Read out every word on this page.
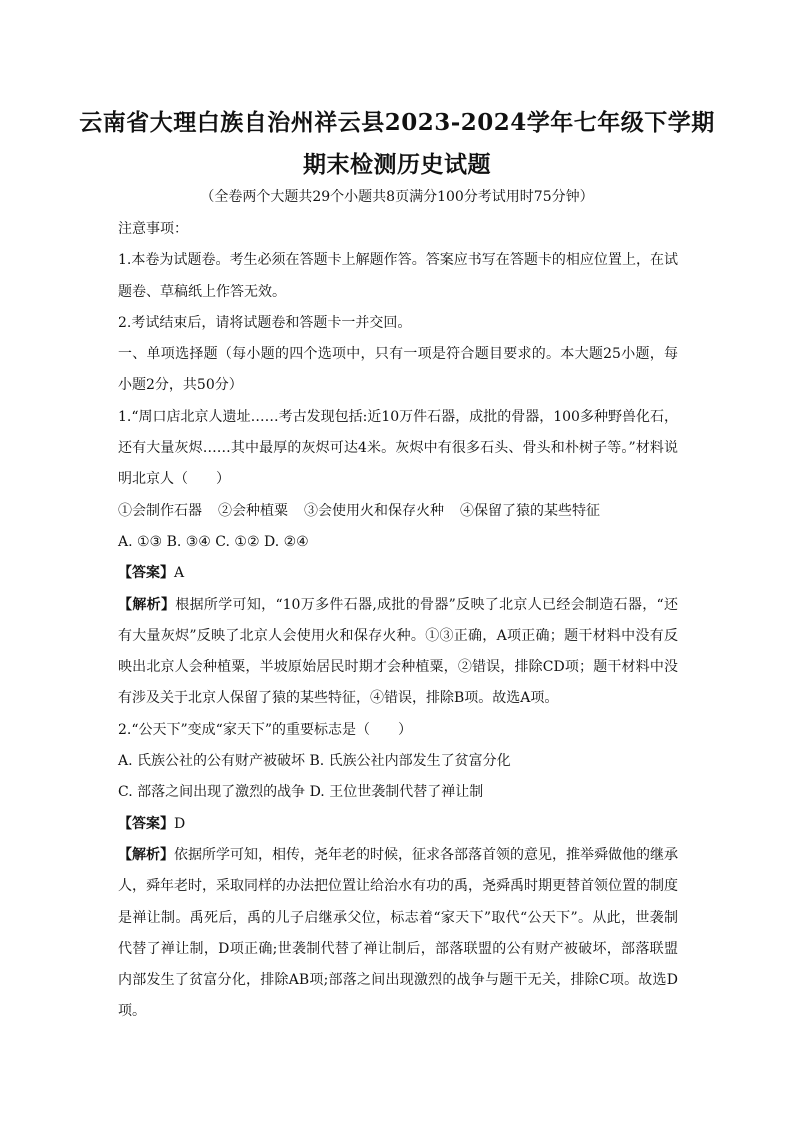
云南省大理白族自治州祥云县2023-2024学年七年级下学期
期末检测历史试题
（全卷两个大题共29个小题共8页满分100分考试用时75分钟）

注意事项：

1.本卷为试题卷。考生必须在答题卡上解题作答。答案应书写在答题卡的相应位置上，在试题卷、草稿纸上作答无效。

2.考试结束后，请将试题卷和答题卡一并交回。

一、单项选择题（每小题的四个选项中，只有一项是符合题目要求的。本大题25小题，每小题2分，共50分）

1.“周口店北京人遗址……考古发现包括:近10万件石器，成批的骨器，100多种野兽化石，还有大量灰烬……其中最厚的灰烬可达4米。灰烬中有很多石头、骨头和朴树子等。”材料说明北京人（　　）

①会制作石器 ②会种植粟 ③会使用火和保存火种 ④保留了猿的某些特征

A. ①③ B. ③④ C. ①② D. ②④

【答案】A

【解析】根据所学可知，“10万多件石器,成批的骨器”反映了北京人已经会制造石器，“还有大量灰烬”反映了北京人会使用火和保存火种。①③正确，A项正确；题干材料中没有反映出北京人会种植粟，半坡原始居民时期才会种植粟，②错误，排除CD项；题干材料中没有涉及关于北京人保留了猿的某些特征，④错误，排除B项。故选A项。

2.“公天下”变成“家天下”的重要标志是（　　）

A. 氏族公社的公有财产被破坏 B. 氏族公社内部发生了贫富分化

C. 部落之间出现了激烈的战争 D. 王位世袭制代替了禅让制

【答案】D

【解析】依据所学可知，相传，尧年老的时候，征求各部落首领的意见，推举舜做他的继承人，舜年老时，采取同样的办法把位置让给治水有功的禹，尧舜禹时期更替首领位置的制度是禅让制。禹死后，禹的儿子启继承父位，标志着“家天下”取代“公天下”。从此，世袭制代替了禅让制，D项正确;世袭制代替了禅让制后，部落联盟的公有财产被破坏，部落联盟内部发生了贫富分化，排除AB项;部落之间出现激烈的战争与题干无关，排除C项。故选D项。
